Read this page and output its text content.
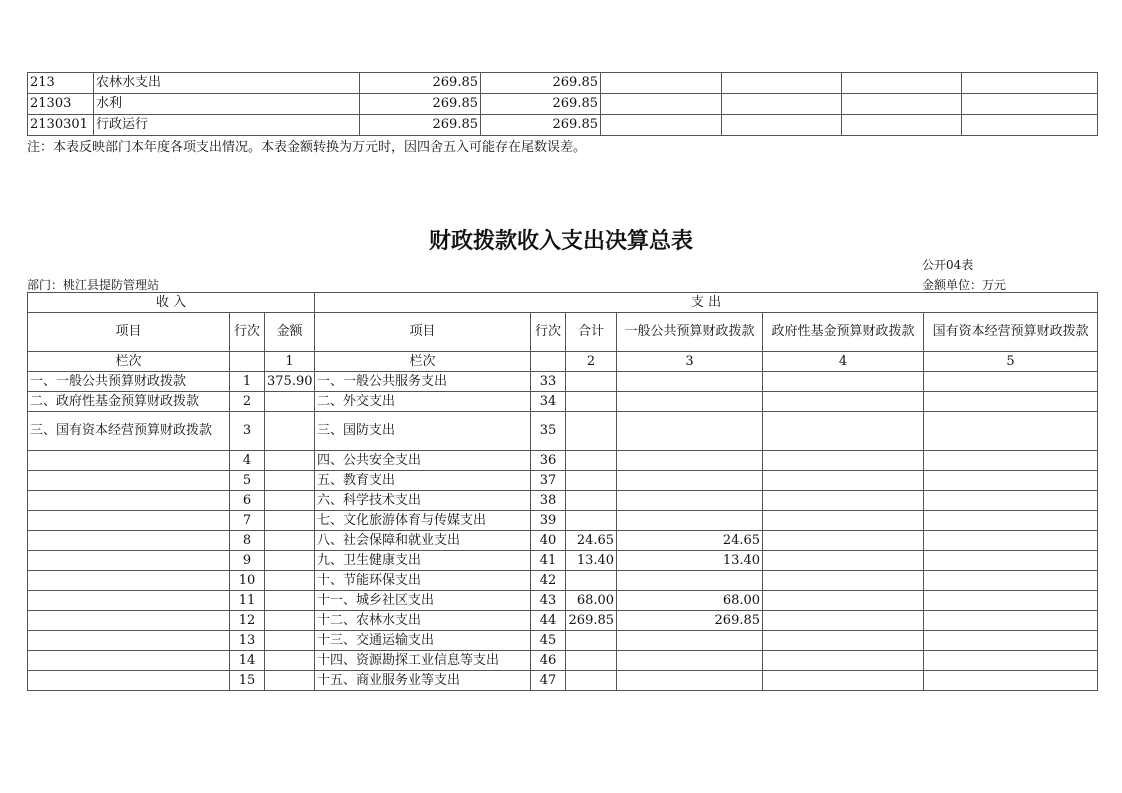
213	农林水支出	269.85	269.85				
21303	水利	269.85	269.85				
2130301	行政运行	269.85	269.85				
注：本表反映部门本年度各项支出情况。本表金额转换为万元时，因四舍五入可能存在尾数误差。
财政拨款收入支出决算总表
公开04表
部门：桃江县提防管理站	金额单位：万元
收 入			支 出					
项目	行次	金额	项目	行次	合计	一般公共预算财政拨款	政府性基金预算财政拨款	国有资本经营预算财政拨款
栏次		1	栏次		2	3	4	5
一、一般公共预算财政拨款	1	375.90	一、一般公共服务支出	33				
二、政府性基金预算财政拨款	2		二、外交支出	34				
三、国有资本经营预算财政拨款	3		三、国防支出	35				
	4		四、公共安全支出	36				
	5		五、教育支出	37				
	6		六、科学技术支出	38				
	7		七、文化旅游体育与传媒支出	39				
	8		八、社会保障和就业支出	40	24.65	24.65		
	9		九、卫生健康支出	41	13.40	13.40		
	10		十、节能环保支出	42				
	11		十一、城乡社区支出	43	68.00	68.00		
	12		十二、农林水支出	44	269.85	269.85		
	13		十三、交通运输支出	45				
	14		十四、资源勘探工业信息等支出	46				
	15		十五、商业服务业等支出	47				
